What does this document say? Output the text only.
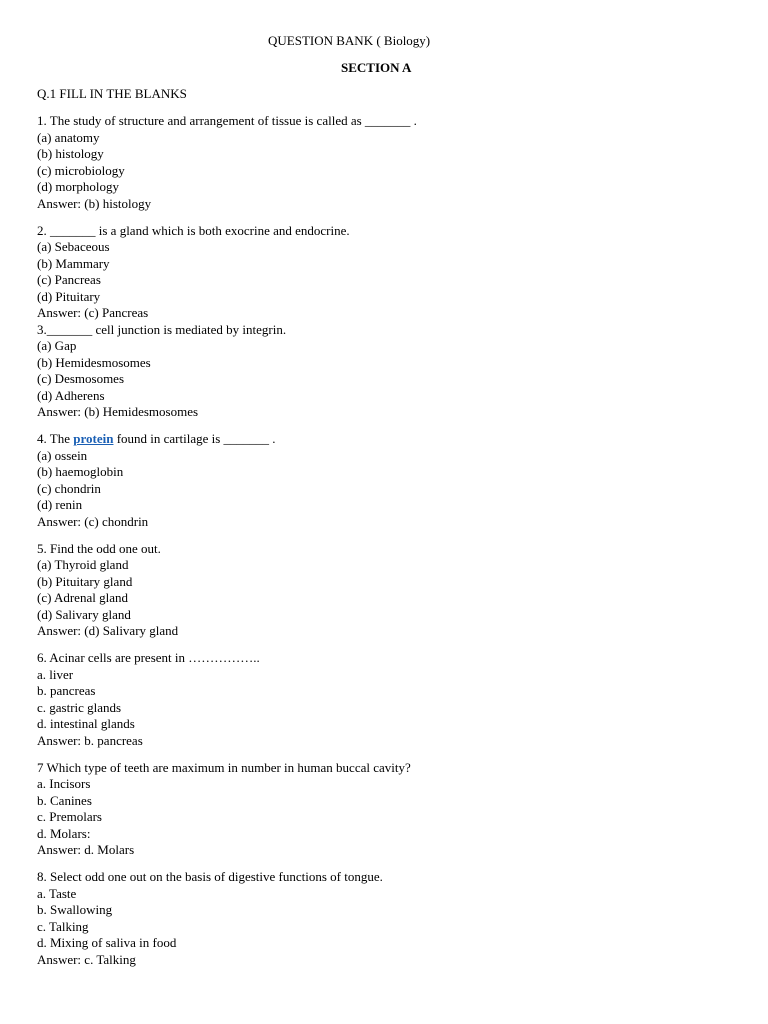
QUESTION BANK ( Biology)
SECTION A
Q.1 FILL IN THE BLANKS
1. The study of structure and arrangement of tissue is called as _______ .
(a) anatomy
(b) histology
(c) microbiology
(d) morphology
Answer: (b) histology
2. _______ is a gland which is both exocrine and endocrine.
(a) Sebaceous
(b) Mammary
(c) Pancreas
(d) Pituitary
Answer: (c) Pancreas
3._______ cell junction is mediated by integrin.
(a) Gap
(b) Hemidesmosomes
(c) Desmosomes
(d) Adherens
Answer: (b) Hemidesmosomes
4. The protein found in cartilage is _______ .
(a) ossein
(b) haemoglobin
(c) chondrin
(d) renin
Answer: (c) chondrin
5. Find the odd one out.
(a) Thyroid gland
(b) Pituitary gland
(c) Adrenal gland
(d) Salivary gland
Answer: (d) Salivary gland
6. Acinar cells are present in ……………..
a. liver
b. pancreas
c. gastric glands
d. intestinal glands
Answer: b. pancreas
7 Which type of teeth are maximum in number in human buccal cavity?
a. Incisors
b. Canines
c. Premolars
d. Molars:
Answer: d. Molars
8. Select odd one out on the basis of digestive functions of tongue.
a. Taste
b. Swallowing
c. Talking
d. Mixing of saliva in food
Answer: c. Talking
